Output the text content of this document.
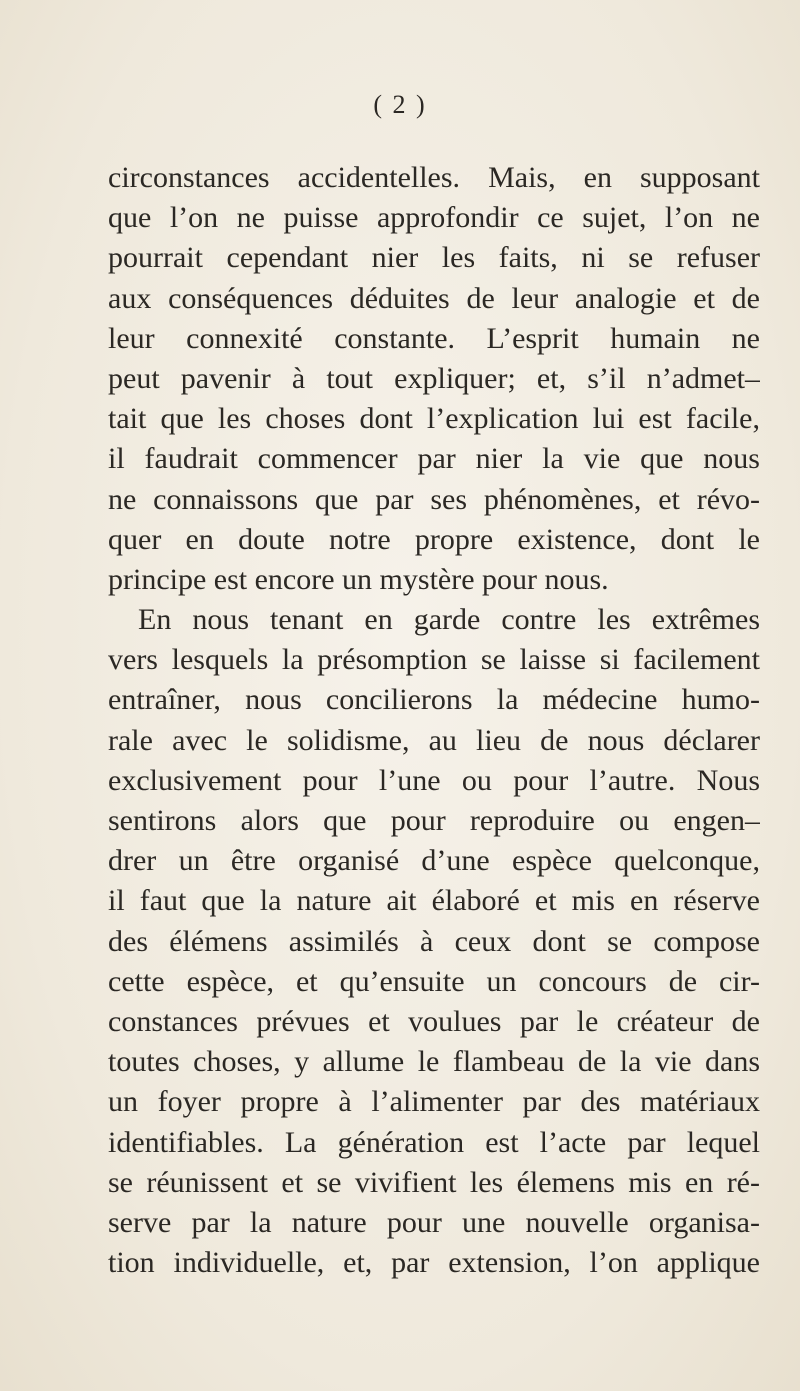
( 2 )
circonstances accidentelles. Mais, en supposant
que l’on ne puisse approfondir ce sujet, l’on ne
pourrait cependant nier les faits, ni se refuser
aux conséquences déduites de leur analogie et de
leur connexité constante. L’esprit humain ne
peut pavenir à tout expliquer; et, s’il n’admet–
tait que les choses dont l’explication lui est facile,
il faudrait commencer par nier la vie que nous
ne connaissons que par ses phénomènes, et révo-
quer en doute notre propre existence, dont le
principe est encore un mystère pour nous.
En nous tenant en garde contre les extrêmes
vers lesquels la présomption se laisse si facilement
entraîner, nous concilierons la médecine humo-
rale avec le solidisme, au lieu de nous déclarer
exclusivement pour l’une ou pour l’autre. Nous
sentirons alors que pour reproduire ou engen–
drer un être organisé d’une espèce quelconque,
il faut que la nature ait élaboré et mis en réserve
des élémens assimilés à ceux dont se compose
cette espèce, et qu’ensuite un concours de cir-
constances prévues et voulues par le créateur de
toutes choses, y allume le flambeau de la vie dans
un foyer propre à l’alimenter par des matériaux
identifiables. La génération est l’acte par lequel
se réunissent et se vivifient les élemens mis en ré-
serve par la nature pour une nouvelle organisa-
tion individuelle, et, par extension, l’on applique
